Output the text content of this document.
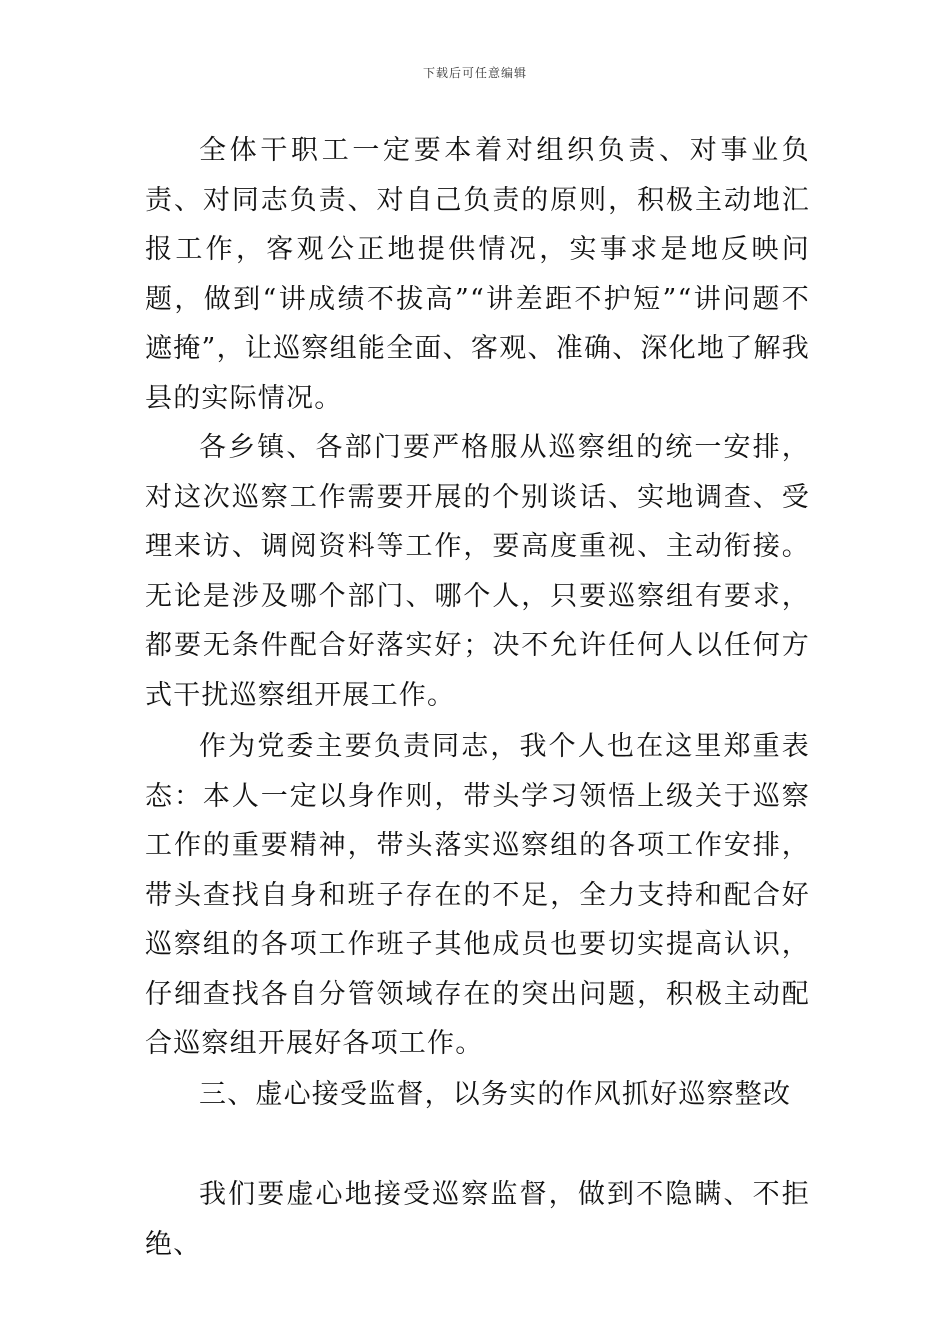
下载后可任意编辑

全体干职工一定要本着对组织负责、对事业负责、对同志负责、对自己负责的原则，积极主动地汇报工作，客观公正地提供情况，实事求是地反映问题，做到“讲成绩不拔高”“讲差距不护短”“讲问题不遮掩”，让巡察组能全面、客观、准确、深化地了解我县的实际情况。

各乡镇、各部门要严格服从巡察组的统一安排，对这次巡察工作需要开展的个别谈话、实地调查、受理来访、调阅资料等工作，要高度重视、主动衔接。无论是涉及哪个部门、哪个人，只要巡察组有要求，都要无条件配合好落实好；决不允许任何人以任何方式干扰巡察组开展工作。

作为党委主要负责同志，我个人也在这里郑重表态：本人一定以身作则，带头学习领悟上级关于巡察工作的重要精神，带头落实巡察组的各项工作安排，带头查找自身和班子存在的不足，全力支持和配合好巡察组的各项工作班子其他成员也要切实提高认识，仔细查找各自分管领域存在的突出问题，积极主动配合巡察组开展好各项工作。

三、虚心接受监督，以务实的作风抓好巡察整改

我们要虚心地接受巡察监督，做到不隐瞒、不拒绝、
